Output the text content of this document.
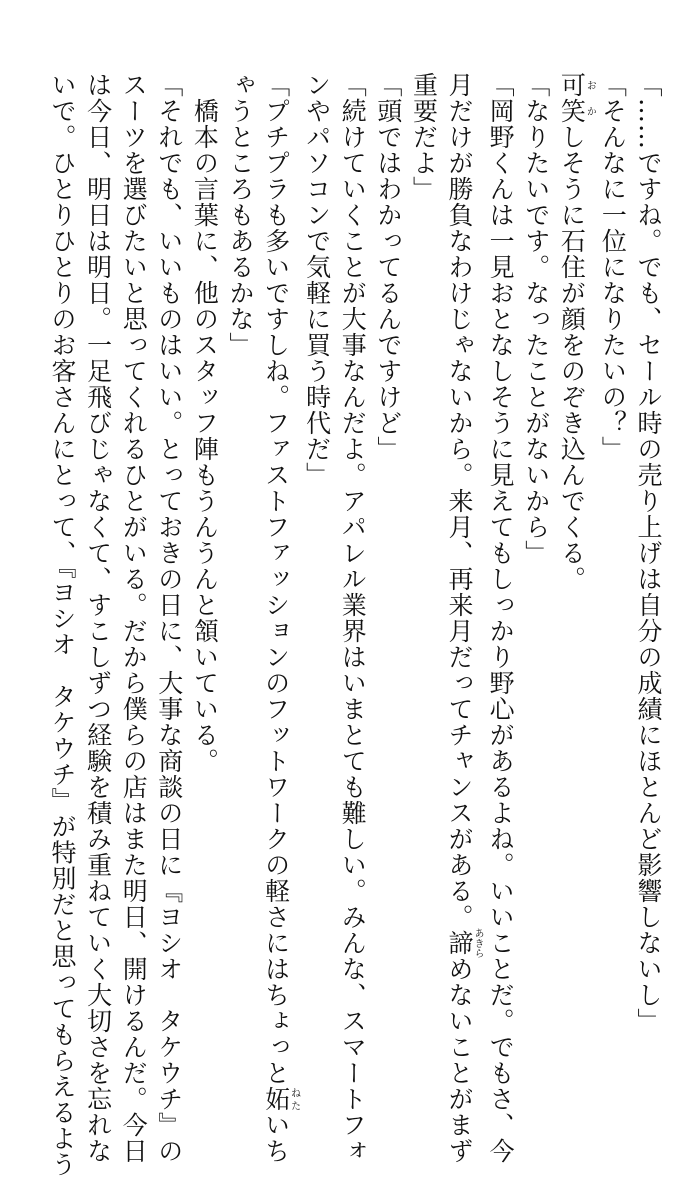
「……ですね。でも、セール時の売り上げは自分の成績にほとんど影響しないし」
「そんなに一位になりたいの？」
可笑おかしそうに石住が顔をのぞき込んでくる。
「なりたいです。なったことがないから」
「岡野くんは一見おとなしそうに見えてもしっかり野心があるよね。いいことだ。でもさ、今
月だけが勝負なわけじゃないから。来月、再来月だってチャンスがある。諦あきらめないことがまず
重要だよ」
「頭ではわかってるんですけど」
「続けていくことが大事なんだよ。アパレル業界はいまとても難しい。みんな、スマートフォ
ンやパソコンで気軽に買う時代だ」
「プチプラも多いですしね。ファストファッションのフットワークの軽さにはちょっと妬ねたいち
ゃうところもあるかな」
　橋本の言葉に、他のスタッフ陣もうんうんと頷いている。
「それでも、いいものはいい。とっておきの日に、大事な商談の日に『ヨシオ　タケウチ』の
スーツを選びたいと思ってくれるひとがいる。だから僕らの店はまた明日、開けるんだ。今日
は今日、明日は明日。一足飛びじゃなくて、すこしずつ経験を積み重ねていく大切さを忘れな
いで。ひとりひとりのお客さんにとって、『ヨシオ　タケウチ』が特別だと思ってもらえるよう
